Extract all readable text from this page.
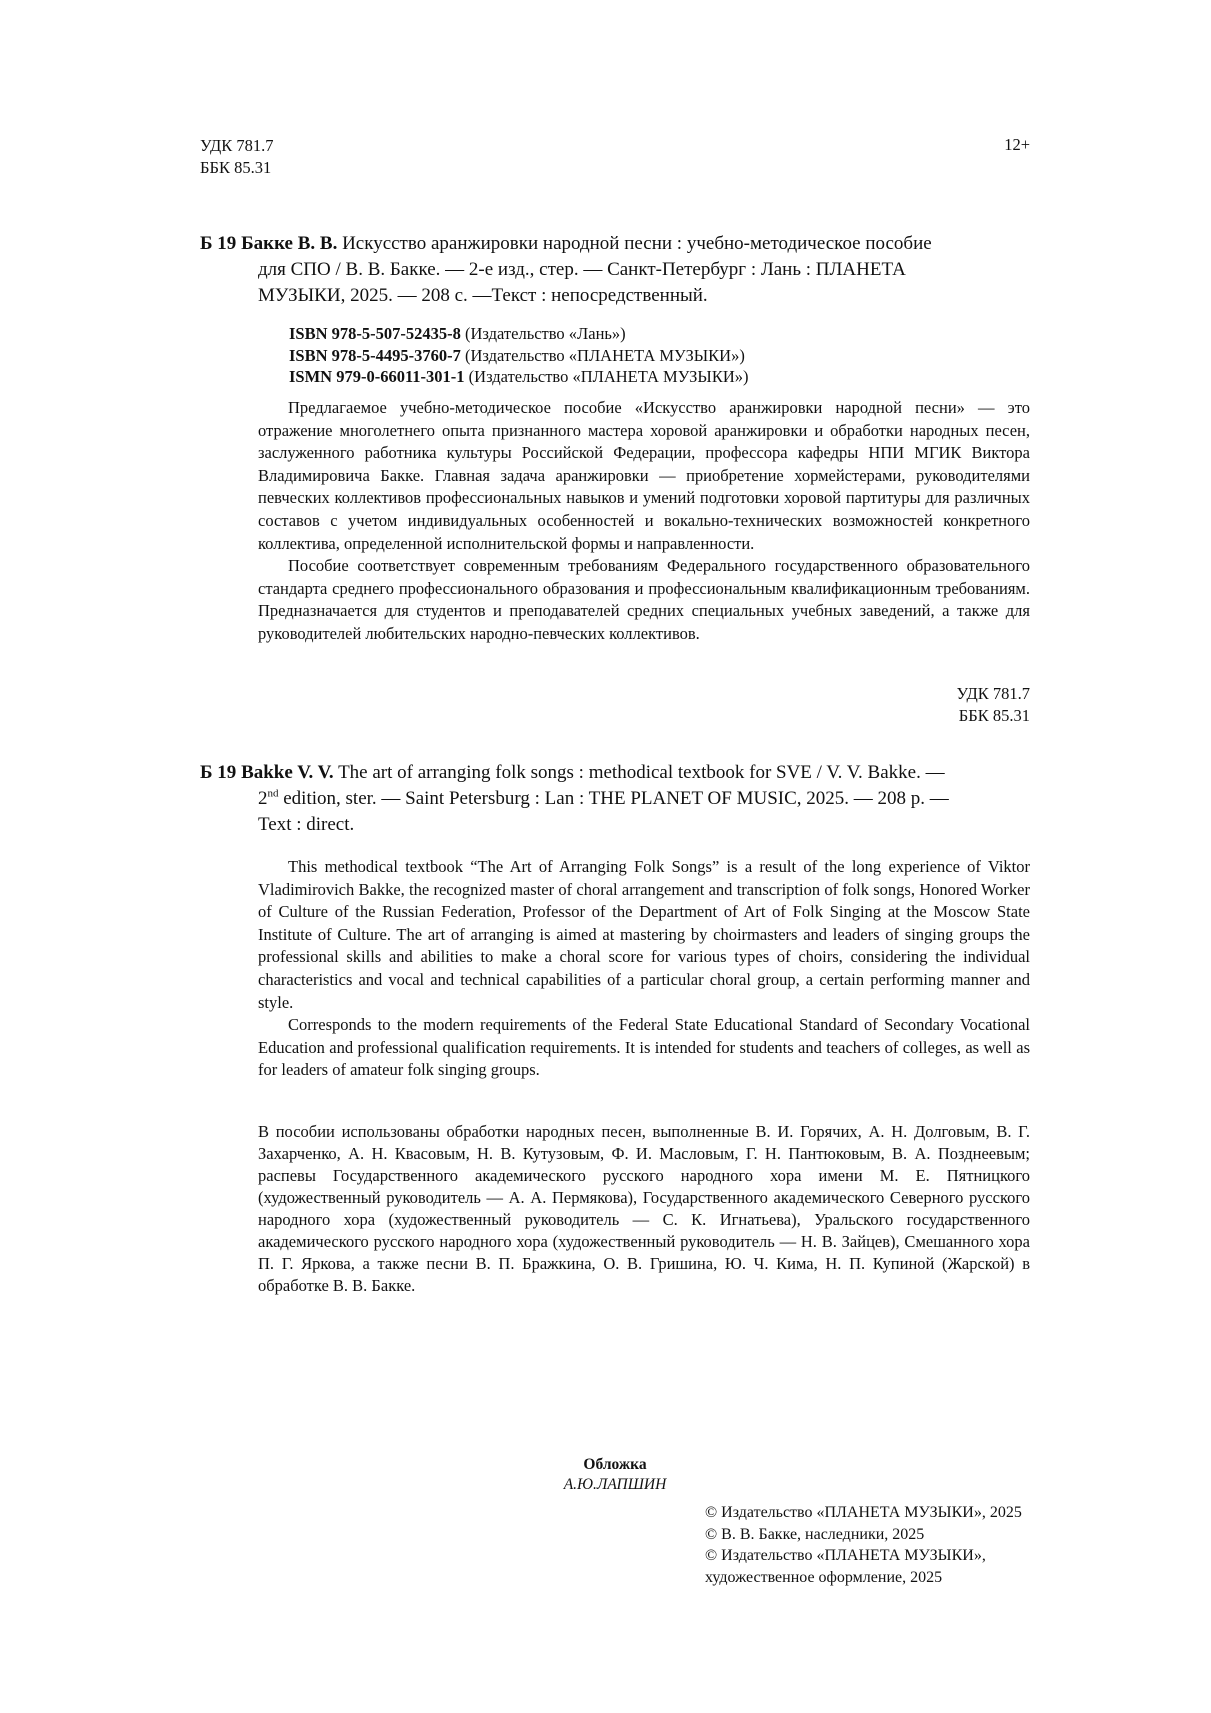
УДК 781.7
ББК 85.31
12+
Б 19 Бакке В. В. Искусство аранжировки народной песни : учебно-методическое пособие
для СПО / В. В. Бакке. — 2-е изд., стер. — Санкт-Петербург : Лань : ПЛАНЕТА
МУЗЫКИ, 2025. — 208 с. —Текст : непосредственный.
ISBN 978-5-507-52435-8 (Издательство «Лань»)
ISBN 978-5-4495-3760-7 (Издательство «ПЛАНЕТА МУЗЫКИ»)
ISMN 979-0-66011-301-1 (Издательство «ПЛАНЕТА МУЗЫКИ»)

Предлагаемое учебно-методическое пособие «Искусство аранжировки народной песни» — это отражение многолетнего опыта признанного мастера хоровой аранжировки и обработки народных песен, заслуженного работника культуры Российской Федерации, профессора кафедры НПИ МГИК Виктора Владимировича Бакке. Главная задача аранжировки — приобретение хормейстерами, руководителями певческих коллективов профессиональных навыков и умений подготовки хоровой партитуры для различных составов с учетом индивидуальных особенностей и вокально-технических возможностей конкретного коллектива, определенной исполнительской формы и направленности.

Пособие соответствует современным требованиям Федерального государственного образовательного стандарта среднего профессионального образования и профессиональным квалификационным требованиям. Предназначается для студентов и преподавателей средних специальных учебных заведений, а также для руководителей любительских народно-певческих коллективов.

УДК 781.7
ББК 85.31
Б 19 Bakke V. V. The art of arranging folk songs : methodical textbook for SVE / V. V. Bakke. —
2nd edition, ster. — Saint Petersburg : Lan : THE PLANET OF MUSIC, 2025. — 208 p. —
Text : direct.

This methodical textbook “The Art of Arranging Folk Songs” is a result of the long experience of Viktor Vladimirovich Bakke, the recognized master of choral arrangement and transcription of folk songs, Honored Worker of Culture of the Russian Federation, Professor of the Department of Art of Folk Singing at the Moscow State Institute of Culture. The art of arranging is aimed at mastering by choirmasters and leaders of singing groups the professional skills and abilities to make a choral score for various types of choirs, considering the individual characteristics and vocal and technical capabilities of a particular choral group, a certain performing manner and style.

Corresponds to the modern requirements of the Federal State Educational Standard of Secondary Vocational Education and professional qualification requirements. It is intended for students and teachers of colleges, as well as for leaders of amateur folk singing groups.

В пособии использованы обработки народных песен, выполненные В. И. Горячих, А. Н. Долговым, В. Г. Захарченко, А. Н. Квасовым, Н. В. Кутузовым, Ф. И. Масловым, Г. Н. Пантюковым, В. А. Позднеевым; распевы Государственного академического русского народного хора имени М. Е. Пятницкого (художественный руководитель — А. А. Пермякова), Государственного академического Северного русского народного хора (художественный руководитель — С. К. Игнатьева), Уральского государственного академического русского народного хора (художественный руководитель — Н. В. Зайцев), Смешанного хора П. Г. Яркова, а также песни В. П. Бражкина, О. В. Гришина, Ю. Ч. Кима, Н. П. Купиной (Жарской) в обработке В. В. Бакке.
Обложка
А.Ю.ЛАПШИН
© Издательство «ПЛАНЕТА МУЗЫКИ», 2025
© В. В. Бакке, наследники, 2025
© Издательство «ПЛАНЕТА МУЗЫКИ»,
художественное оформление, 2025
